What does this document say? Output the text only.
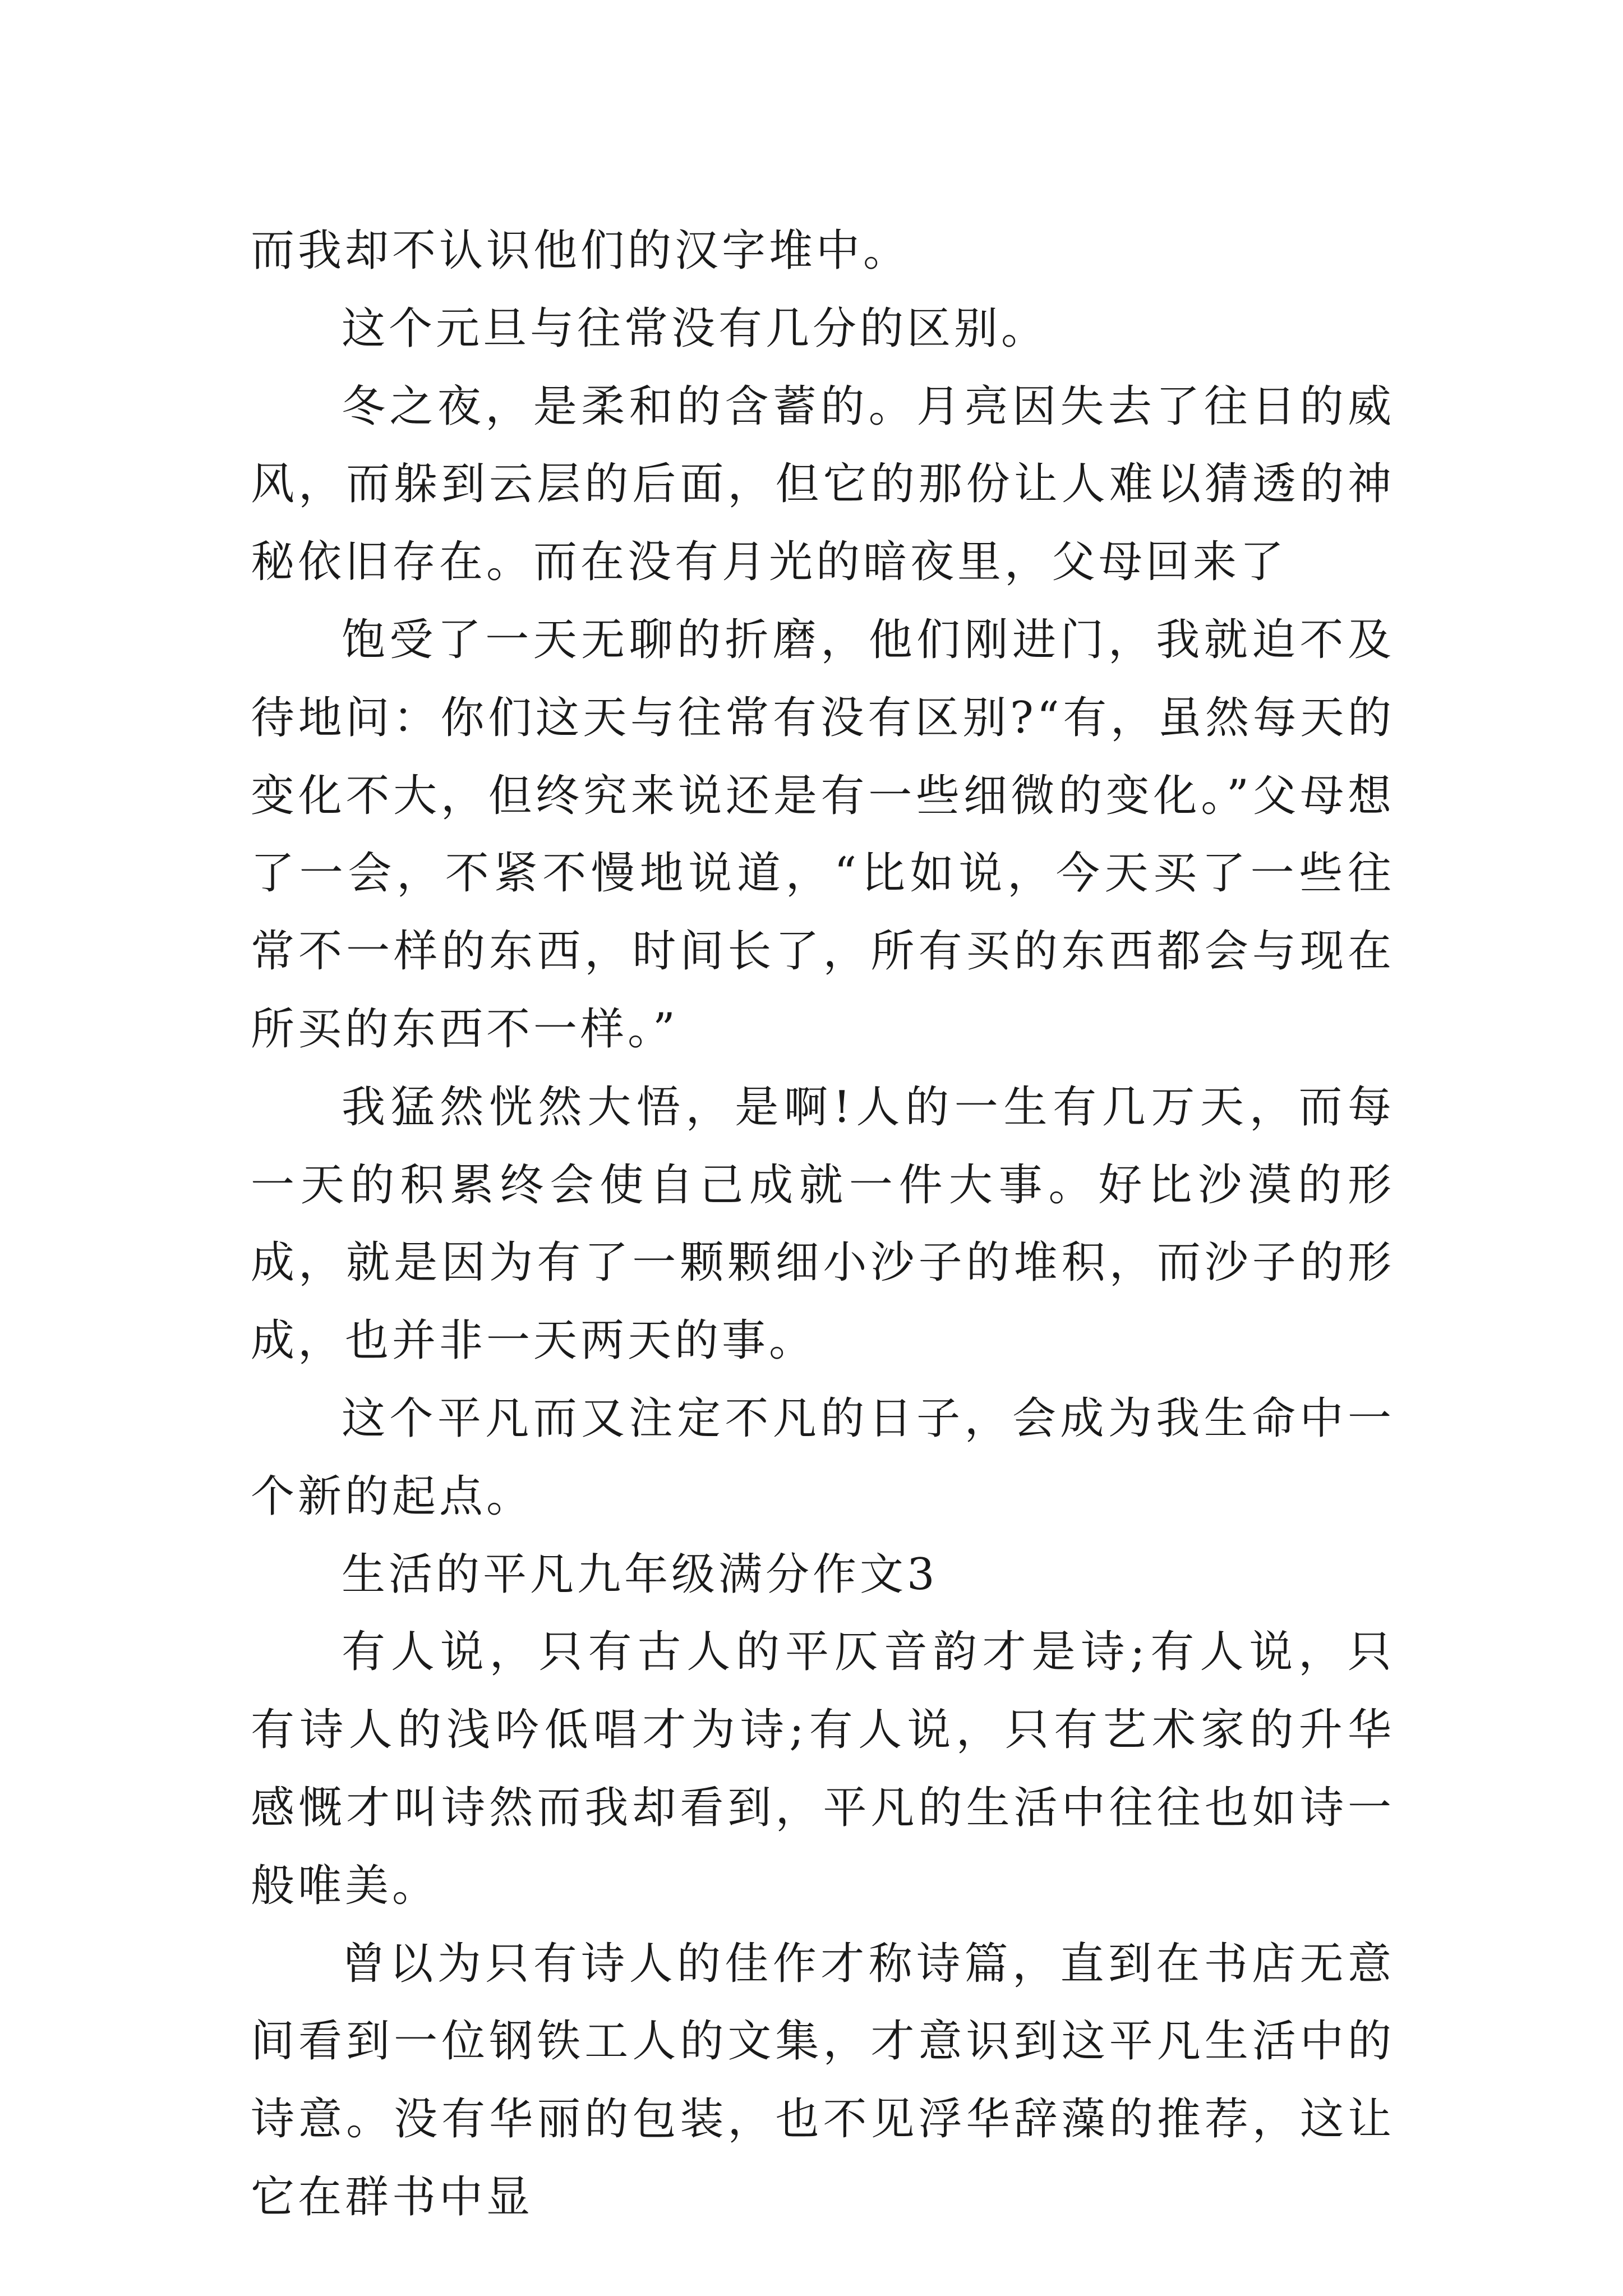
而我却不认识他们的汉字堆中。

这个元旦与往常没有几分的区别。

冬之夜，是柔和的含蓄的。月亮因失去了往日的威风，而躲到云层的后面，但它的那份让人难以猜透的神秘依旧存在。而在没有月光的暗夜里，父母回来了

饱受了一天无聊的折磨，他们刚进门，我就迫不及待地问：你们这天与往常有没有区别?“有，虽然每天的变化不大，但终究来说还是有一些细微的变化。”父母想了一会，不紧不慢地说道，“比如说，今天买了一些往常不一样的东西，时间长了，所有买的东西都会与现在所买的东西不一样。”

我猛然恍然大悟，是啊!人的一生有几万天，而每一天的积累终会使自己成就一件大事。好比沙漠的形成，就是因为有了一颗颗细小沙子的堆积，而沙子的形成，也并非一天两天的事。

这个平凡而又注定不凡的日子，会成为我生命中一个新的起点。

生活的平凡九年级满分作文3

有人说，只有古人的平仄音韵才是诗;有人说，只有诗人的浅吟低唱才为诗;有人说，只有艺术家的升华感慨才叫诗然而我却看到，平凡的生活中往往也如诗一般唯美。

曾以为只有诗人的佳作才称诗篇，直到在书店无意间看到一位钢铁工人的文集，才意识到这平凡生活中的诗意。没有华丽的包装，也不见浮华辞藻的推荐，这让它在群书中显
